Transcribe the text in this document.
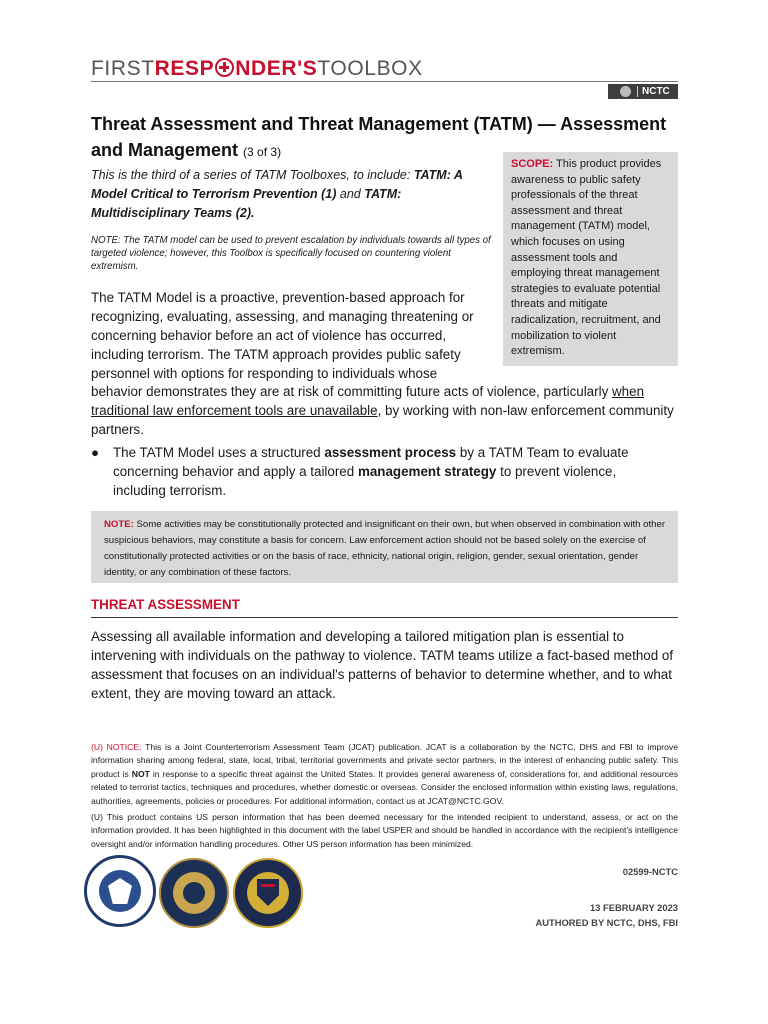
FIRSTRESP NDER'STOOLBOX
NCTC
Threat Assessment and Threat Management (TATM) — Assessment and Management (3 of 3)
SCOPE: This product provides awareness to public safety professionals of the threat assessment and threat management (TATM) model, which focuses on using assessment tools and employing threat management strategies to evaluate potential threats and mitigate radicalization, recruitment, and mobilization to violent extremism.
This is the third of a series of TATM Toolboxes, to include: TATM: A Model Critical to Terrorism Prevention (1) and TATM: Multidisciplinary Teams (2).
NOTE: The TATM model can be used to prevent escalation by individuals towards all types of targeted violence; however, this Toolbox is specifically focused on countering violent extremism.
The TATM Model is a proactive, prevention-based approach for recognizing, evaluating, assessing, and managing threatening or concerning behavior before an act of violence has occurred, including terrorism. The TATM approach provides public safety personnel with options for responding to individuals whose
behavior demonstrates they are at risk of committing future acts of violence, particularly when traditional law enforcement tools are unavailable, by working with non-law enforcement community partners.
● The TATM Model uses a structured assessment process by a TATM Team to evaluate concerning behavior and apply a tailored management strategy to prevent violence, including terrorism.
NOTE: Some activities may be constitutionally protected and insignificant on their own, but when observed in combination with other suspicious behaviors, may constitute a basis for concern. Law enforcement action should not be based solely on the exercise of constitutionally protected activities or on the basis of race, ethnicity, national origin, religion, gender, sexual orientation, gender identity, or any combination of these factors.
THREAT ASSESSMENT
Assessing all available information and developing a tailored mitigation plan is essential to intervening with individuals on the pathway to violence. TATM teams utilize a fact-based method of assessment that focuses on an individual's patterns of behavior to determine whether, and to what extent, they are moving toward an attack.
(U) NOTICE: This is a Joint Counterterrorism Assessment Team (JCAT) publication. JCAT is a collaboration by the NCTC, DHS and FBI to improve information sharing among federal, state, local, tribal, territorial governments and private sector partners, in the interest of enhancing public safety. This product is NOT in response to a specific threat against the United States. It provides general awareness of, considerations for, and additional resources related to terrorist tactics, techniques and procedures, whether domestic or overseas. Consider the enclosed information within existing laws, regulations, authorities, agreements, policies or procedures. For additional information, contact us at JCAT@NCTC.GOV.
(U) This product contains US person information that has been deemed necessary for the intended recipient to understand, assess, or act on the information provided. It has been highlighted in this document with the label USPER and should be handled in accordance with the recipient's intelligence oversight and/or information handling procedures. Other US person information has been minimized.
02599-NCTC
13 FEBRUARY 2023
AUTHORED BY NCTC, DHS, FBI
